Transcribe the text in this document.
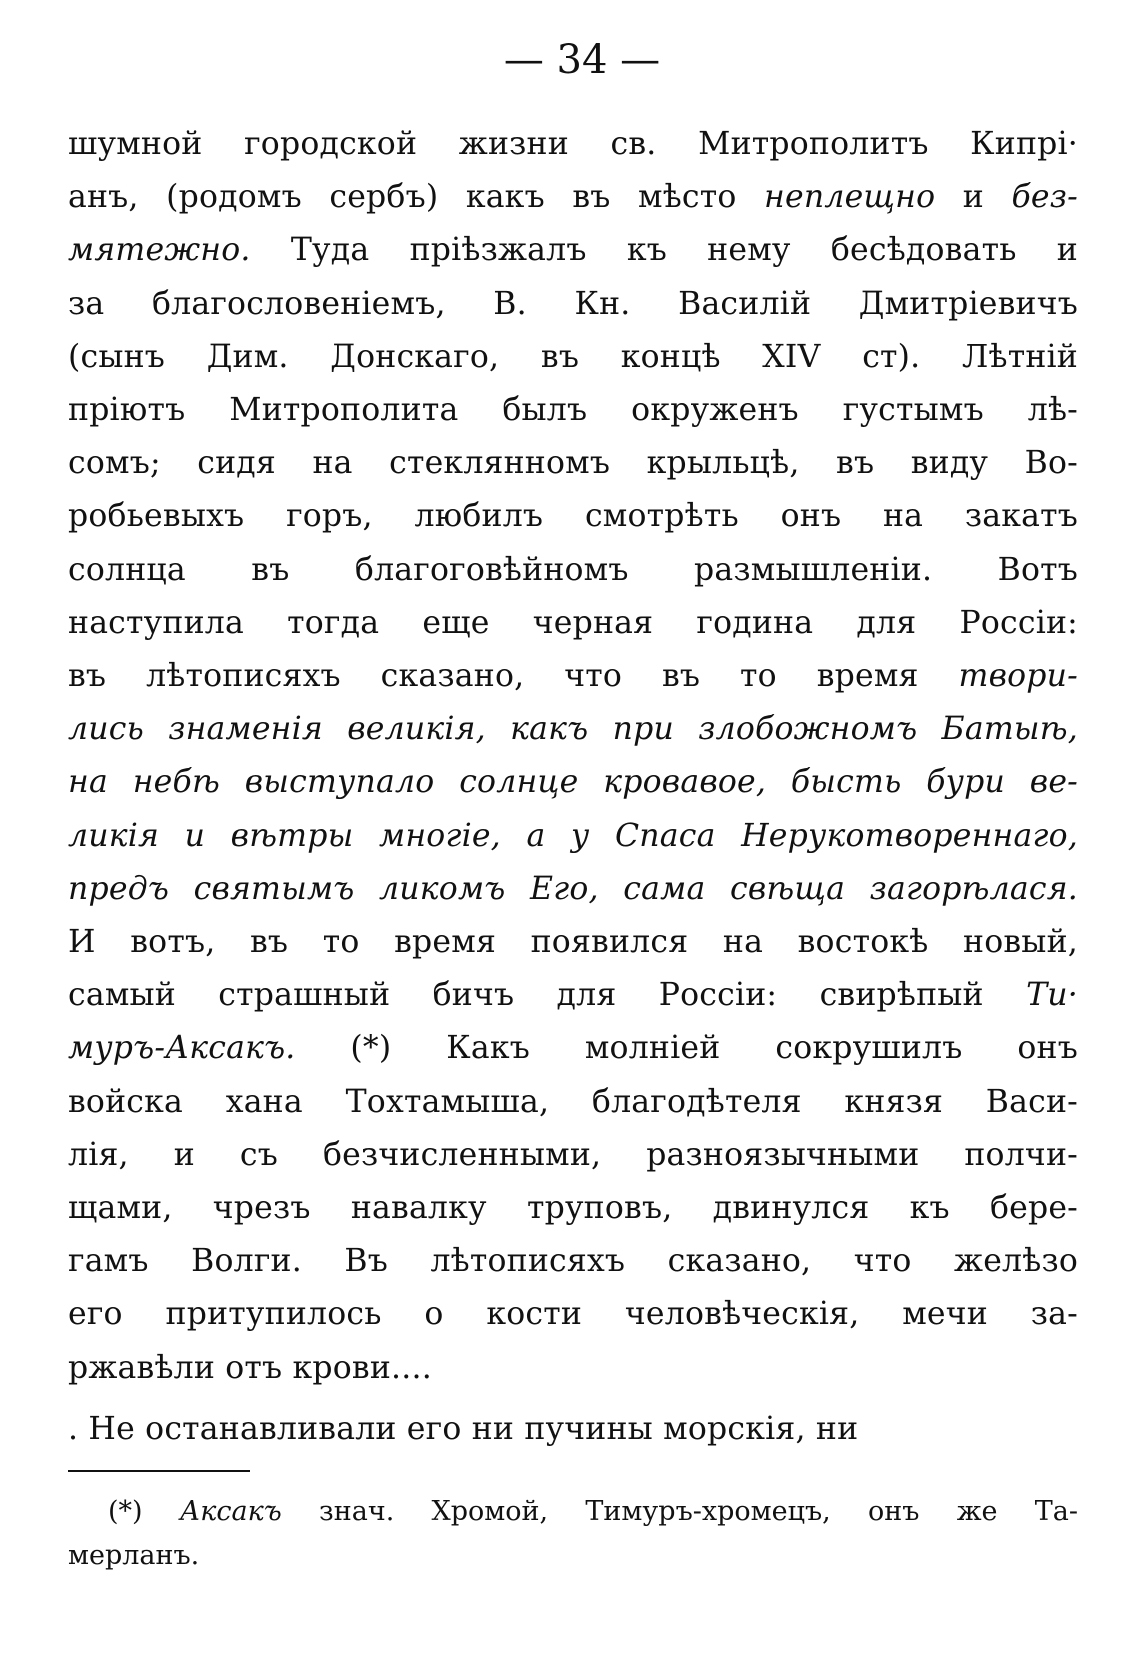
— 34 —
шумной городской жизни св. Митрополитъ Кипрі·
анъ, (родомъ сербъ) какъ въ мѣсто неплещно и без-
мятежно. Туда пріѣзжалъ къ нему бесѣдовать и
за благословеніемъ, В. Кн. Василій Дмитріевичъ
(сынъ Дим. Донскаго, въ концѣ XIV ст). Лѣтній
пріютъ Митрополита былъ окруженъ густымъ лѣ-
сомъ; сидя на стеклянномъ крыльцѣ, въ виду Во-
робьевыхъ горъ, любилъ смотрѣть онъ на закатъ
солнца въ благоговѣйномъ размышленіи. Вотъ
наступила тогда еще черная година для Россіи:
въ лѣтописяхъ сказано, что въ то время твори-
лись знаменія великія, какъ при злобожномъ Батыѣ,
на небѣ выступало солнце кровавое, бысть бури ве-
ликія и вѣтры многіе, а у Спаса Нерукотвореннаго,
предъ святымъ ликомъ Его, сама свѣща загорѣлася.
И вотъ, въ то время появился на востокѣ новый,
самый страшный бичъ для Россіи: свирѣпый Ти·
муръ-Аксакъ. (*) Какъ молніей сокрушилъ онъ
войска хана Тохтамыша, благодѣтеля князя Васи-
лія, и съ безчисленными, разноязычными полчи-
щами, чрезъ навалку труповъ, двинулся къ бере-
гамъ Волги. Въ лѣтописяхъ сказано, что желѣзо
его притупилось о кости человѣческія, мечи за-
ржавѣли отъ крови....
. Не останавливали его ни пучины морскія, ни
(*) Аксакъ знач. Хромой, Тимуръ-хромецъ, онъ же Та-
мерланъ.
